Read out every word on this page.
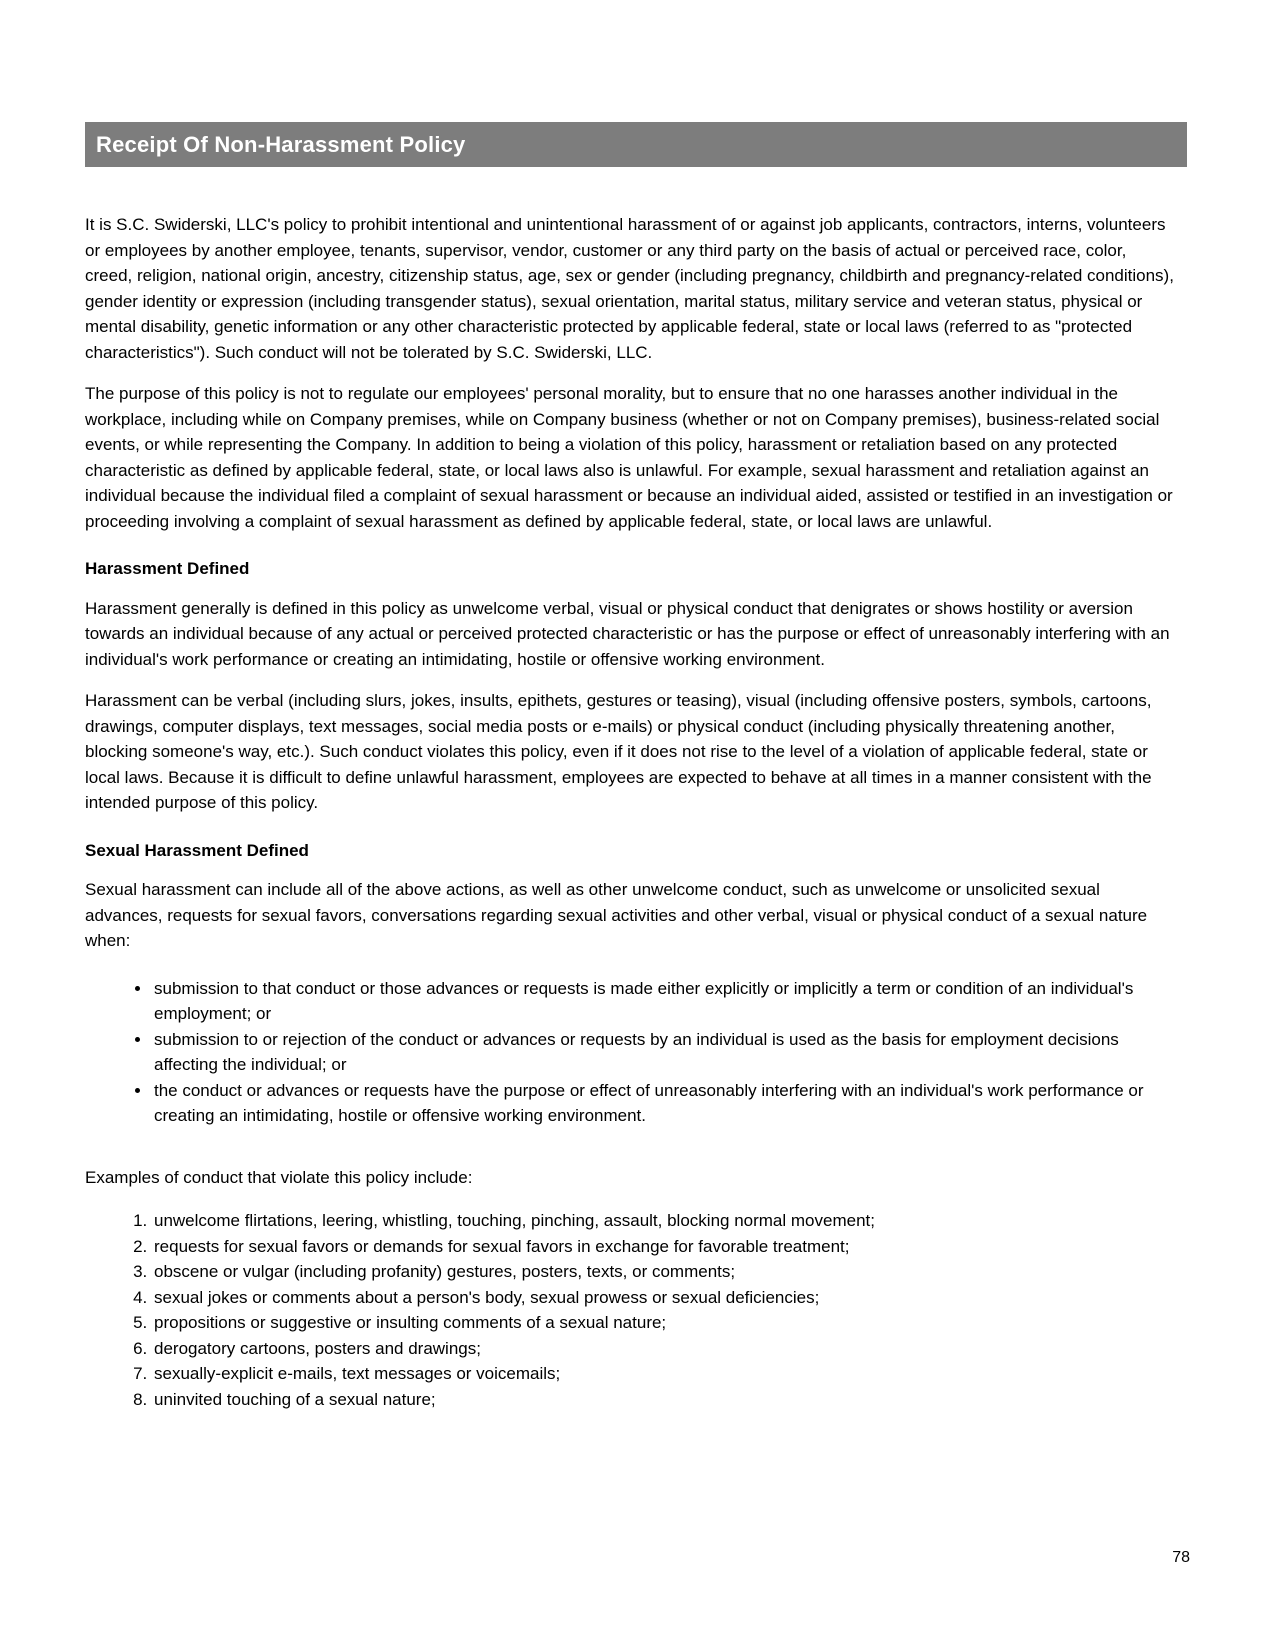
Receipt Of Non-Harassment Policy

It is S.C. Swiderski, LLC's policy to prohibit intentional and unintentional harassment of or against job applicants, contractors, interns, volunteers or employees by another employee, tenants, supervisor, vendor, customer or any third party on the basis of actual or perceived race, color, creed, religion, national origin, ancestry, citizenship status, age, sex or gender (including pregnancy, childbirth and pregnancy-related conditions), gender identity or expression (including transgender status), sexual orientation, marital status, military service and veteran status, physical or mental disability, genetic information or any other characteristic protected by applicable federal, state or local laws (referred to as "protected characteristics"). Such conduct will not be tolerated by S.C. Swiderski, LLC.

The purpose of this policy is not to regulate our employees' personal morality, but to ensure that no one harasses another individual in the workplace, including while on Company premises, while on Company business (whether or not on Company premises), business-related social events, or while representing the Company. In addition to being a violation of this policy, harassment or retaliation based on any protected characteristic as defined by applicable federal, state, or local laws also is unlawful. For example, sexual harassment and retaliation against an individual because the individual filed a complaint of sexual harassment or because an individual aided, assisted or testified in an investigation or proceeding involving a complaint of sexual harassment as defined by applicable federal, state, or local laws are unlawful.

Harassment Defined

Harassment generally is defined in this policy as unwelcome verbal, visual or physical conduct that denigrates or shows hostility or aversion towards an individual because of any actual or perceived protected characteristic or has the purpose or effect of unreasonably interfering with an individual's work performance or creating an intimidating, hostile or offensive working environment.

Harassment can be verbal (including slurs, jokes, insults, epithets, gestures or teasing), visual (including offensive posters, symbols, cartoons, drawings, computer displays, text messages, social media posts or e-mails) or physical conduct (including physically threatening another, blocking someone's way, etc.). Such conduct violates this policy, even if it does not rise to the level of a violation of applicable federal, state or local laws. Because it is difficult to define unlawful harassment, employees are expected to behave at all times in a manner consistent with the intended purpose of this policy.

Sexual Harassment Defined

Sexual harassment can include all of the above actions, as well as other unwelcome conduct, such as unwelcome or unsolicited sexual advances, requests for sexual favors, conversations regarding sexual activities and other verbal, visual or physical conduct of a sexual nature when:

• submission to that conduct or those advances or requests is made either explicitly or implicitly a term or condition of an individual's employment; or
• submission to or rejection of the conduct or advances or requests by an individual is used as the basis for employment decisions affecting the individual; or
• the conduct or advances or requests have the purpose or effect of unreasonably interfering with an individual's work performance or creating an intimidating, hostile or offensive working environment.

Examples of conduct that violate this policy include:

1. unwelcome flirtations, leering, whistling, touching, pinching, assault, blocking normal movement;
2. requests for sexual favors or demands for sexual favors in exchange for favorable treatment;
3. obscene or vulgar (including profanity) gestures, posters, texts, or comments;
4. sexual jokes or comments about a person's body, sexual prowess or sexual deficiencies;
5. propositions or suggestive or insulting comments of a sexual nature;
6. derogatory cartoons, posters and drawings;
7. sexually-explicit e-mails, text messages or voicemails;
8. uninvited touching of a sexual nature;
78
